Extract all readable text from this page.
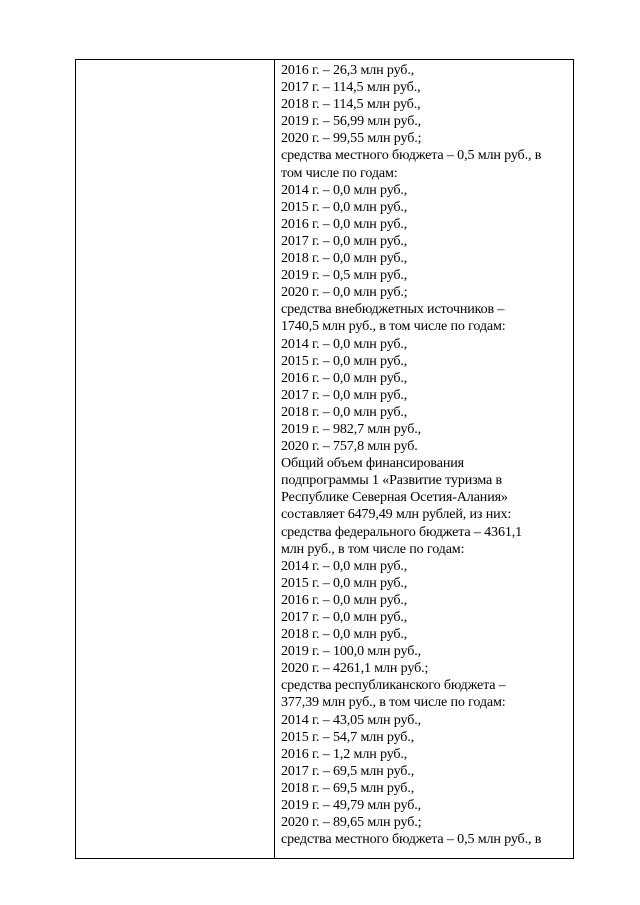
2016 г. – 26,3 млн руб.,
2017 г. – 114,5 млн руб.,
2018 г. – 114,5 млн руб.,
2019 г. – 56,99 млн руб.,
2020 г. – 99,55 млн руб.;
средства местного бюджета – 0,5 млн руб., в
том числе по годам:
2014 г. – 0,0 млн руб.,
2015 г. – 0,0 млн руб.,
2016 г. – 0,0 млн руб.,
2017 г. – 0,0 млн руб.,
2018 г. – 0,0 млн руб.,
2019 г. – 0,5 млн руб.,
2020 г. – 0,0 млн руб.;
средства внебюджетных источников –
1740,5 млн руб., в том числе по годам:
2014 г. – 0,0 млн руб.,
2015 г. – 0,0 млн руб.,
2016 г. – 0,0 млн руб.,
2017 г. – 0,0 млн руб.,
2018 г. – 0,0 млн руб.,
2019 г. – 982,7 млн руб.,
2020 г. – 757,8 млн руб.
Общий объем финансирования
подпрограммы 1 «Развитие туризма в
Республике Северная Осетия-Алания»
составляет 6479,49 млн рублей, из них:
средства федерального бюджета – 4361,1
млн руб., в том числе по годам:
2014 г. – 0,0 млн руб.,
2015 г. – 0,0 млн руб.,
2016 г. – 0,0 млн руб.,
2017 г. – 0,0 млн руб.,
2018 г. – 0,0 млн руб.,
2019 г. – 100,0 млн руб.,
2020 г. – 4261,1 млн руб.;
средства республиканского бюджета –
377,39 млн руб., в том числе по годам:
2014 г. – 43,05 млн руб.,
2015 г. – 54,7 млн руб.,
2016 г. – 1,2 млн руб.,
2017 г. – 69,5 млн руб.,
2018 г. – 69,5 млн руб.,
2019 г. – 49,79 млн руб.,
2020 г. – 89,65 млн руб.;
средства местного бюджета – 0,5 млн руб., в
